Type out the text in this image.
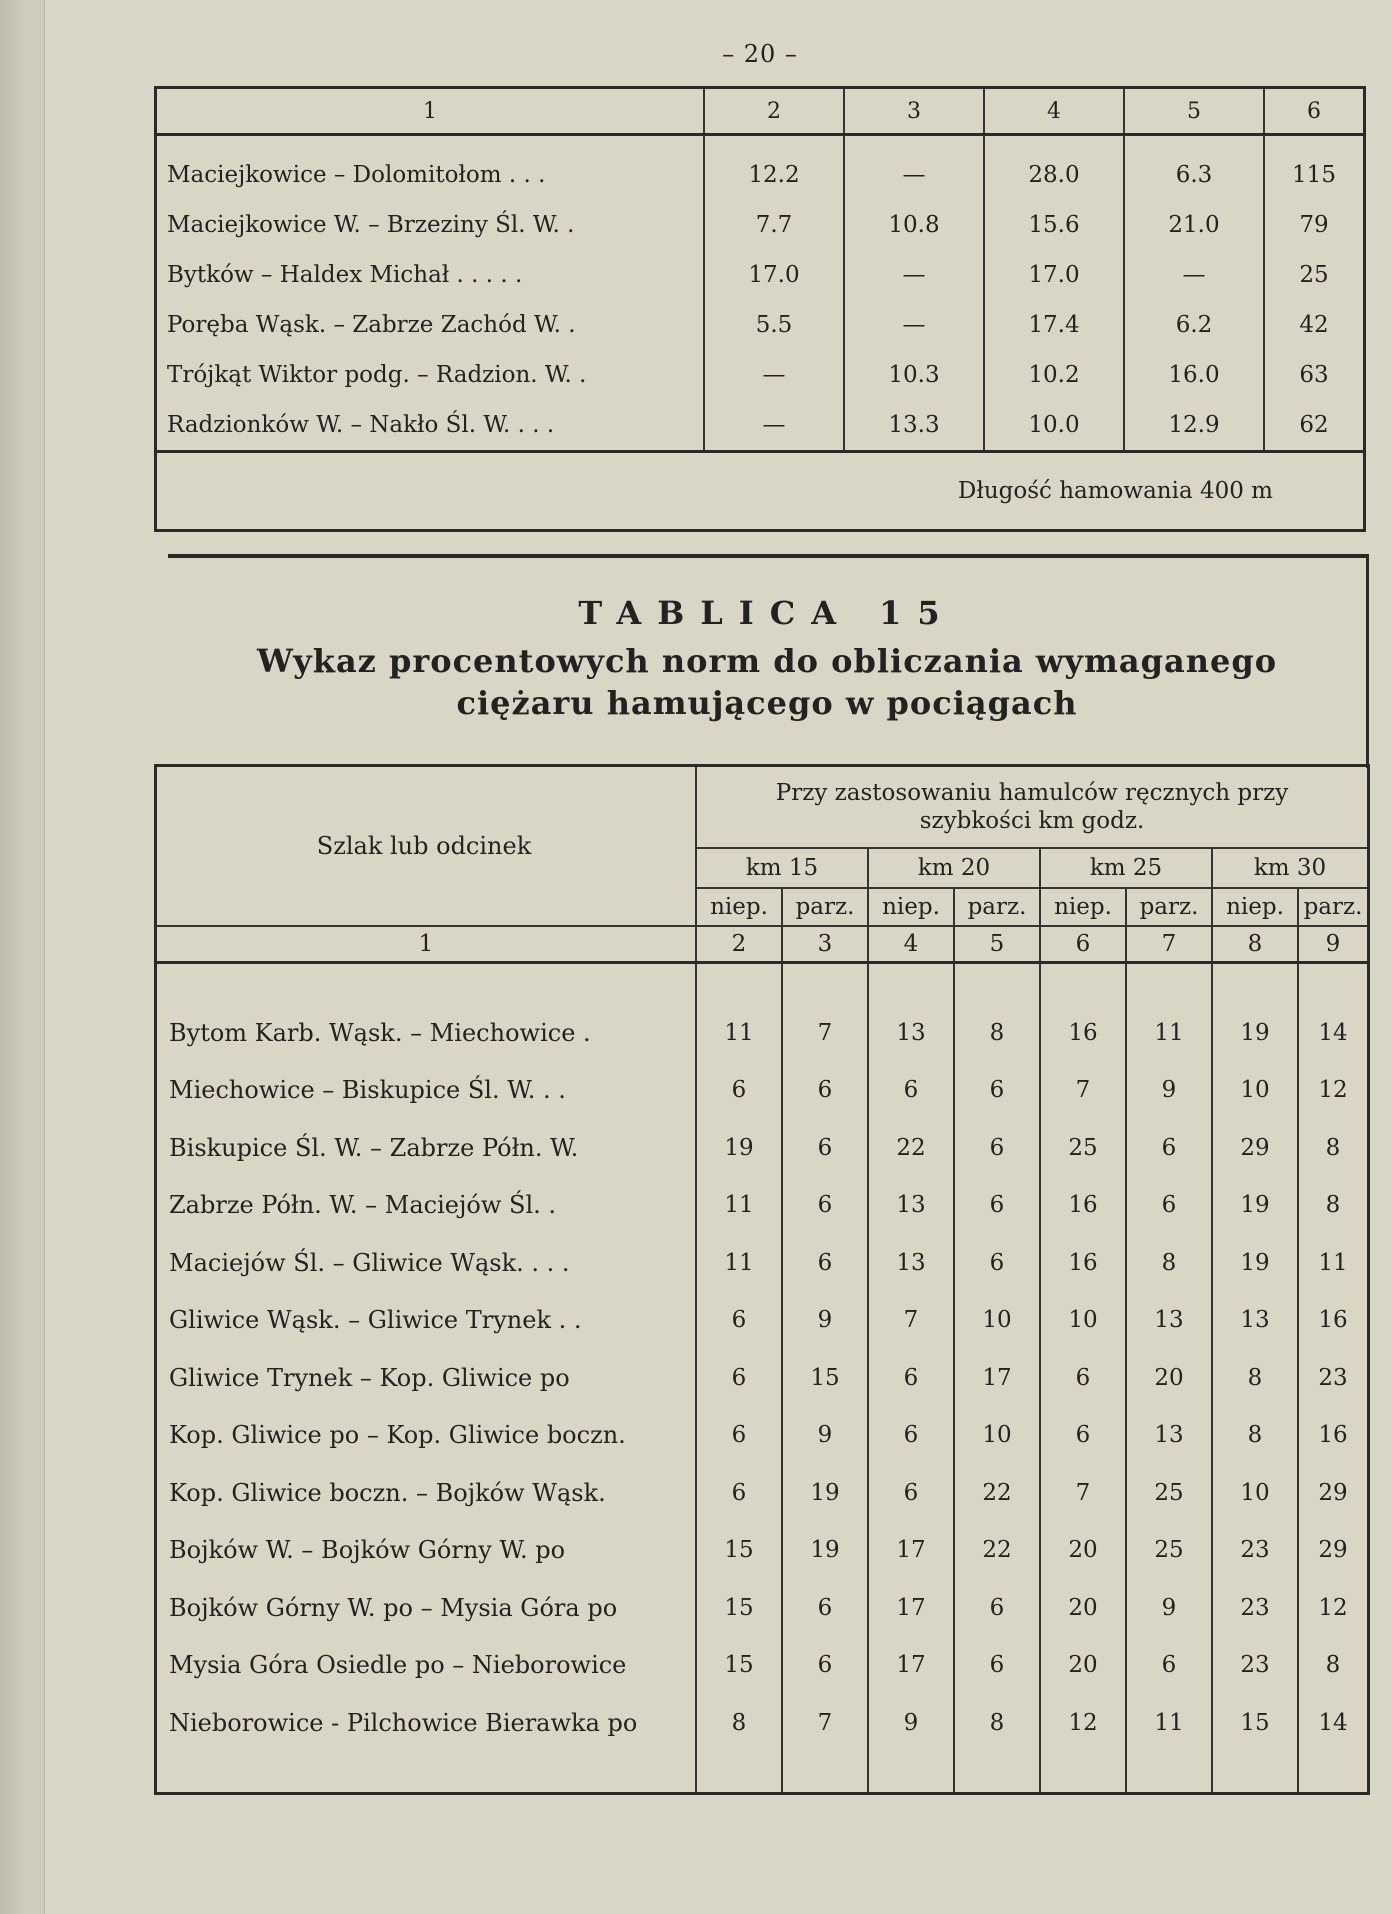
– 20 –
1	2	3	4	5	6
Maciejkowice – Dolomitołom . . .	12.2	—	28.0	6.3	115
Maciejkowice W. – Brzeziny Śl. W. .	7.7	10.8	15.6	21.0	79
Bytków – Haldex Michał . . . . .	17.0	—	17.0	—	25
Poręba Wąsk. – Zabrze Zachód W. .	5.5	—	17.4	6.2	42
Trójkąt Wiktor podg. – Radzion. W. .	—	10.3	10.2	16.0	63
Radzionków W. – Nakło Śl. W. . . .	—	13.3	10.0	12.9	62
Długość hamowania 400 m					
TABLICA 15
Wykaz procentowych norm do obliczania wymaganego
ciężaru hamującego w pociągach
Szlak lub odcinek	Przy zastosowaniu hamulców ręcznych przy szybkości km godz.							
	km 15		km 20		km 25		km 30	
	niep.	parz.	niep.	parz.	niep.	parz.	niep.	parz.
1	2	3	4	5	6	7	8	9

Bytom Karb. Wąsk. – Miechowice .	11	7	13	8	16	11	19	14
Miechowice – Biskupice Śl. W. . .	6	6	6	6	7	9	10	12
Biskupice Śl. W. – Zabrze Półn. W.	19	6	22	6	25	6	29	8
Zabrze Półn. W. – Maciejów Śl. .	11	6	13	6	16	6	19	8
Maciejów Śl. – Gliwice Wąsk. . . .	11	6	13	6	16	8	19	11
Gliwice Wąsk. – Gliwice Trynek . .	6	9	7	10	10	13	13	16
Gliwice Trynek – Kop. Gliwice po	6	15	6	17	6	20	8	23
Kop. Gliwice po – Kop. Gliwice boczn.	6	9	6	10	6	13	8	16
Kop. Gliwice boczn. – Bojków Wąsk.	6	19	6	22	7	25	10	29
Bojków W. – Bojków Górny W. po	15	19	17	22	20	25	23	29
Bojków Górny W. po – Mysia Góra po	15	6	17	6	20	9	23	12
Mysia Góra Osiedle po – Nieborowice	15	6	17	6	20	6	23	8
Nieborowice - Pilchowice Bierawka po	8	7	9	8	12	11	15	14
